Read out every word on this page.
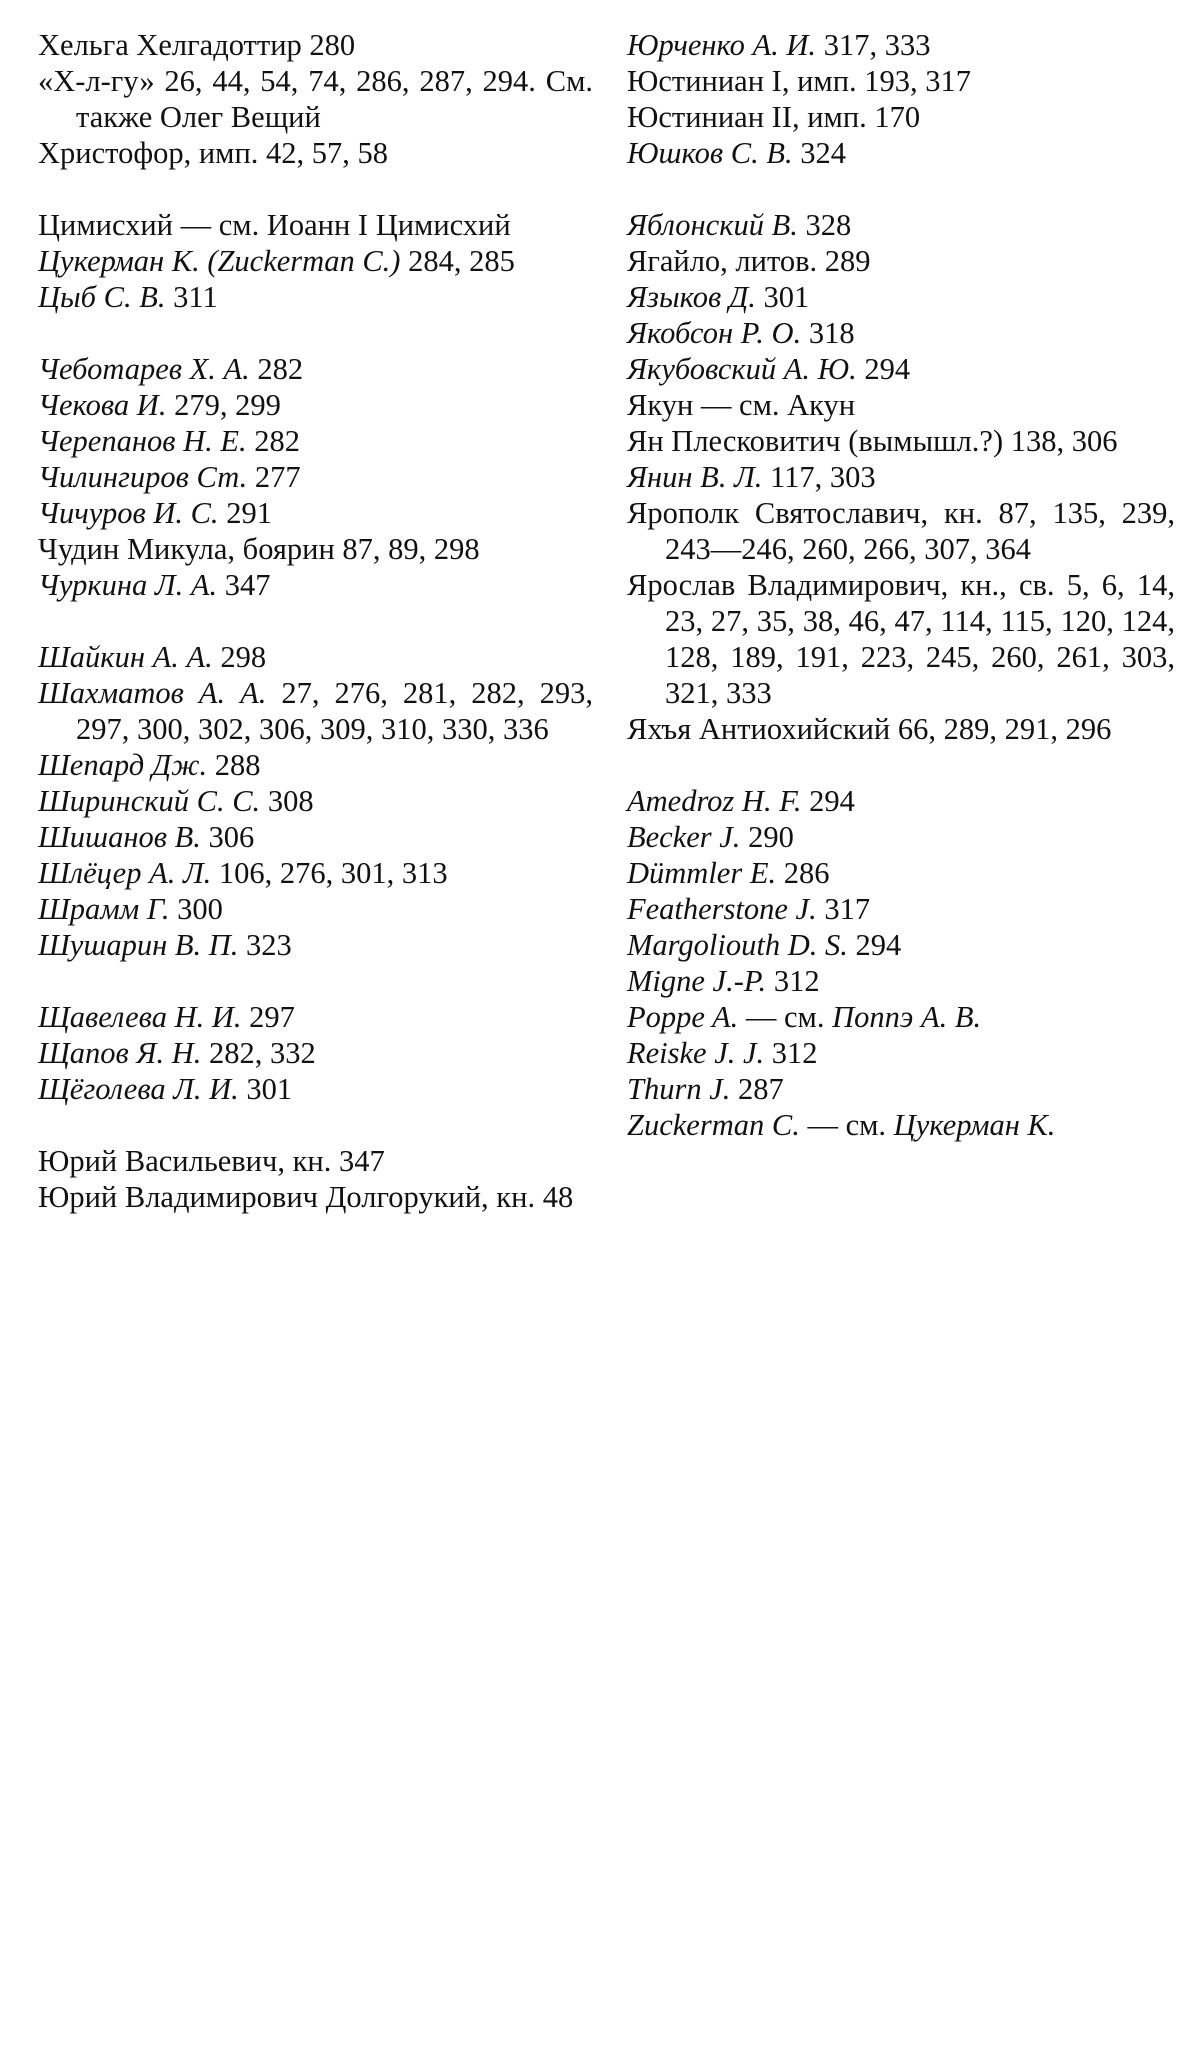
Хельга Хелгадоттир 280

«Х-л-гу» 26, 44, 54, 74, 286, 287, 294. См. также Олег Вещий

Христофор, имп. 42, 57, 58

Цимисхий — см. Иоанн I Цимисхий

Цукерман К. (Zuckerman C.) 284, 285

Цыб С. В. 311

Чеботарев Х. А. 282

Чекова И. 279, 299

Черепанов Н. Е. 282

Чилингиров Ст. 277

Чичуров И. С. 291

Чудин Микула, боярин 87, 89, 298

Чуркина Л. А. 347

Шайкин А. А. 298

Шахматов А. А. 27, 276, 281, 282, 293, 297, 300, 302, 306, 309, 310, 330, 336

Шепард Дж. 288

Ширинский С. С. 308

Шишанов В. 306

Шлёцер А. Л. 106, 276, 301, 313

Шрамм Г. 300

Шушарин В. П. 323

Щавелева Н. И. 297

Щапов Я. Н. 282, 332

Щёголева Л. И. 301

Юрий Васильевич, кн. 347

Юрий Владимирович Долгорукий, кн. 48

Юрченко А. И. 317, 333

Юстиниан I, имп. 193, 317

Юстиниан II, имп. 170

Юшков С. В. 324

Яблонский В. 328

Ягайло, литов. 289

Языков Д. 301

Якобсон Р. О. 318

Якубовский А. Ю. 294

Якун — см. Акун

Ян Плесковитич (вымышл.?) 138, 306

Янин В. Л. 117, 303

Ярополк Святославич, кн. 87, 135, 239, 243—246, 260, 266, 307, 364

Ярослав Владимирович, кн., св. 5, 6, 14, 23, 27, 35, 38, 46, 47, 114, 115, 120, 124, 128, 189, 191, 223, 245, 260, 261, 303, 321, 333

Яхъя Антиохийский 66, 289, 291, 296

Amedroz H. F. 294

Becker J. 290

Dümmler E. 286

Featherstone J. 317

Margoliouth D. S. 294

Migne J.-P. 312

Poppe A. — см. Поппэ А. В.

Reiske J. J. 312

Thurn J. 287

Zuckerman C. — см. Цукерман К.
